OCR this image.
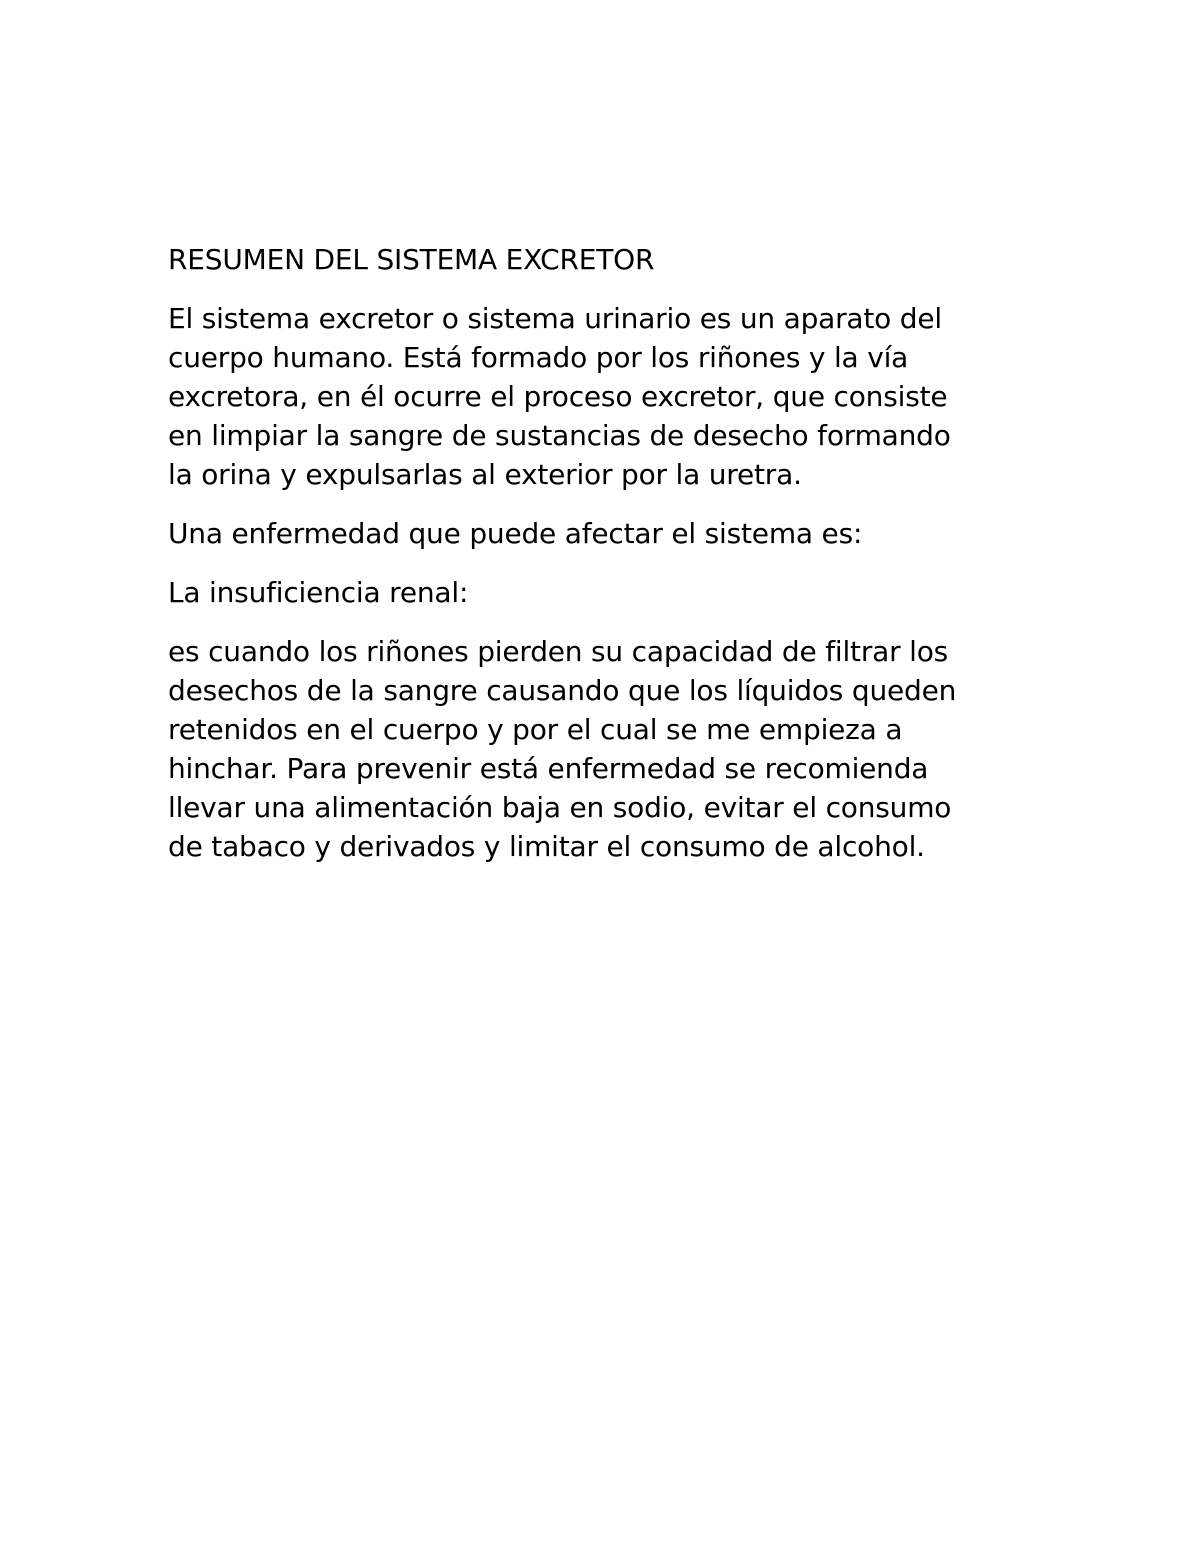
RESUMEN DEL SISTEMA EXCRETOR
El sistema excretor o sistema urinario es un aparato del
cuerpo humano. Está formado por los riñones y la vía
excretora, en él ocurre el proceso excretor, que consiste
en limpiar la sangre de sustancias de desecho formando
la orina y expulsarlas al exterior por la uretra.
Una enfermedad que puede afectar el sistema es:
La insuficiencia renal:
es cuando los riñones pierden su capacidad de filtrar los
desechos de la sangre causando que los líquidos queden
retenidos en el cuerpo y por el cual se me empieza a
hinchar. Para prevenir está enfermedad se recomienda
llevar una alimentación baja en sodio, evitar el consumo
de tabaco y derivados y limitar el consumo de alcohol.
